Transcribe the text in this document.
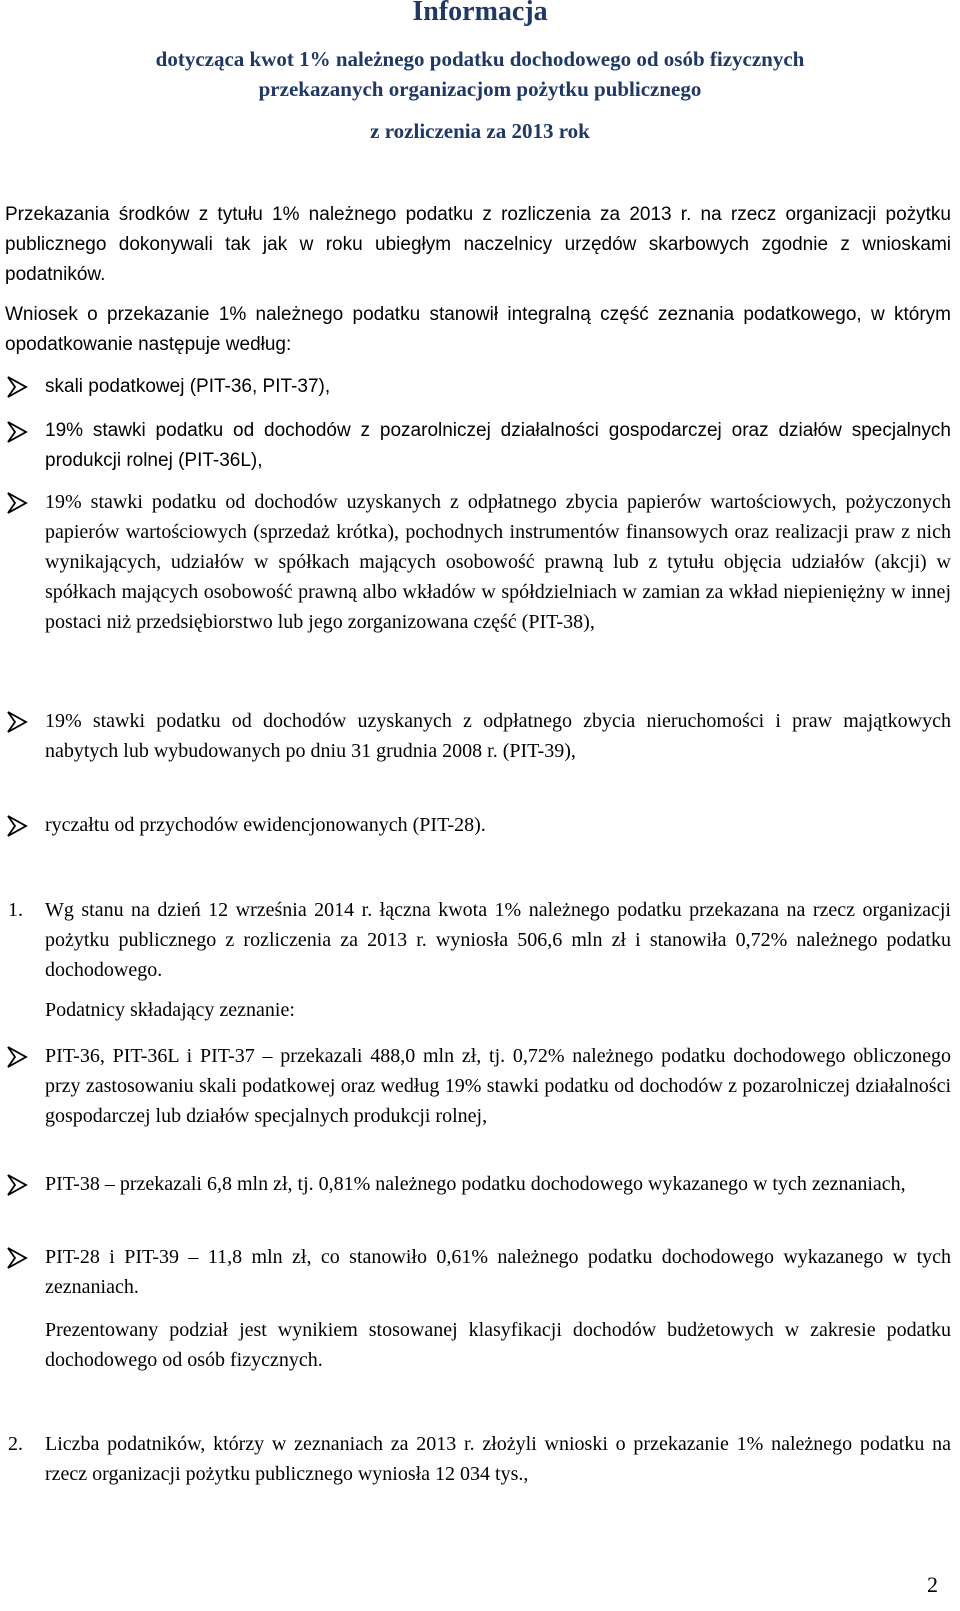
Informacja
dotycząca kwot 1% należnego podatku dochodowego od osób fizycznych
przekazanych organizacjom pożytku publicznego
z rozliczenia za 2013 rok
Przekazania środków z tytułu 1% należnego podatku z rozliczenia za 2013 r. na rzecz organizacji pożytku publicznego dokonywali tak jak w roku ubiegłym naczelnicy urzędów skarbowych zgodnie z wnioskami podatników.
Wniosek o przekazanie 1% należnego podatku stanowił integralną część zeznania podatkowego, w którym opodatkowanie następuje według:
skali podatkowej (PIT-36, PIT-37),
19% stawki podatku od dochodów z pozarolniczej działalności gospodarczej oraz działów specjalnych produkcji rolnej (PIT-36L),
19% stawki podatku od dochodów uzyskanych z odpłatnego zbycia papierów wartościowych, pożyczonych papierów wartościowych (sprzedaż krótka), pochodnych instrumentów finansowych oraz realizacji praw z nich wynikających, udziałów w spółkach mających osobowość prawną lub z tytułu objęcia udziałów (akcji) w spółkach mających osobowość prawną albo wkładów w spółdzielniach w zamian za wkład niepieniężny w innej postaci niż przedsiębiorstwo lub jego zorganizowana część (PIT-38),
19% stawki podatku od dochodów uzyskanych z odpłatnego zbycia nieruchomości i praw majątkowych nabytych lub wybudowanych po dniu 31 grudnia 2008 r. (PIT-39),
ryczałtu od przychodów ewidencjonowanych (PIT-28).
1. Wg stanu na dzień 12 września 2014 r. łączna kwota 1% należnego podatku przekazana na rzecz organizacji pożytku publicznego z rozliczenia za 2013 r. wyniosła 506,6 mln zł i stanowiła 0,72% należnego podatku dochodowego.
Podatnicy składający zeznanie:
PIT-36, PIT-36L i PIT-37 – przekazali 488,0 mln zł, tj. 0,72% należnego podatku dochodowego obliczonego przy zastosowaniu skali podatkowej oraz według 19% stawki podatku od dochodów z pozarolniczej działalności gospodarczej lub działów specjalnych produkcji rolnej,
PIT-38 – przekazali 6,8 mln zł, tj. 0,81% należnego podatku dochodowego wykazanego w tych zeznaniach,
PIT-28 i PIT-39 – 11,8 mln zł, co stanowiło 0,61% należnego podatku dochodowego wykazanego w tych zeznaniach.
Prezentowany podział jest wynikiem stosowanej klasyfikacji dochodów budżetowych w zakresie podatku dochodowego od osób fizycznych.
2. Liczba podatników, którzy w zeznaniach za 2013 r. złożyli wnioski o przekazanie 1% należnego podatku na rzecz organizacji pożytku publicznego wyniosła 12 034 tys.,
2
